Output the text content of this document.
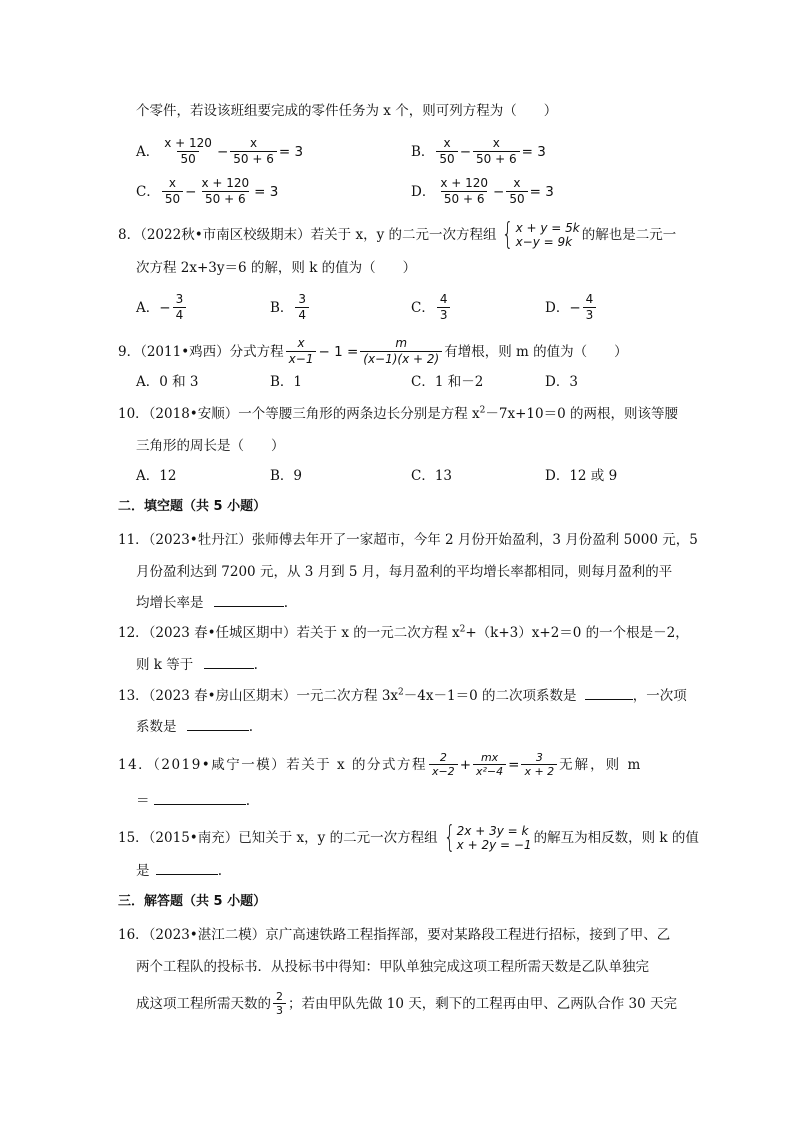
个零件，若设该班组要完成的零件任务为 x 个，则可列方程为（　　）
A． $\frac{x + 120}{50} - \frac{x}{50 + 6} = 3$	B． $\frac{x}{50} - \frac{x}{50 + 6} = 3$
C． $\frac{x}{50} - \frac{x + 120}{50 + 6} = 3$	D． $\frac{x + 120}{50 + 6} - \frac{x}{50} = 3$
8．（2022秋•市南区校级期末）若关于 x，y 的二元一次方程组 { x + y = 5k
x−y = 9k 的解也是二元一
次方程 2x+3y＝6 的解，则 k 的值为（　　）
A． − $\frac{3}{4}$	B． $\frac{3}{4}$	C． $\frac{4}{3}$	D． − $\frac{4}{3}$
9．（2011•鸡西）分式方程 $\frac{x}{x-1} - 1 = \frac{m}{(x-1)(x + 2)}$ 有增根，则 m 的值为（　　）
A．0 和 3	B．1	C．1 和－2	D．3
10．（2018•安顺）一个等腰三角形的两条边长分别是方程 $x^2-7x+10=0$ 的两根，则该等腰
三角形的周长是（　　）
A．12	B．9	C．13	D．12 或 9
二．填空题（共 5 小题）
11．（2023•牡丹江）张师傅去年开了一家超市，今年 2 月份开始盈利，3 月份盈利 5000 元，5
月份盈利达到 7200 元，从 3 月到 5 月，每月盈利的平均增长率都相同，则每月盈利的平
均增长率是	.
12．（2023 春•任城区期中）若关于 x 的一元二次方程 $x^2+(k+3)x+2=0$ 的一个根是－2，
则 k 等于	.
13．（2023 春•房山区期末）一元二次方程 $3x^2-4x-1=0$ 的二次项系数是	，一次项
系数是	.
14．（2019•咸宁一模）若关于 x 的分式方程 $\frac{2}{x-2} + \frac{mx}{\text{x²−4}} = \frac{3}{x + 2}$ 无解，则 m
＝	.
15．（2015•南充）已知关于 x，y 的二元一次方程组 { 2x + 3y = k
x + 2y = −1 的解互为相反数，则 k 的值
是	.
三．解答题（共 5 小题）
16．（2023•湛江二模）京广高速铁路工程指挥部，要对某路段工程进行招标，接到了甲、乙
两个工程队的投标书．从投标书中得知：甲队单独完成这项工程所需天数是乙队单独完
成这项工程所需天数的 $\frac{2}{3}$ ；若由甲队先做 10 天，剩下的工程再由甲、乙两队合作 30 天完
